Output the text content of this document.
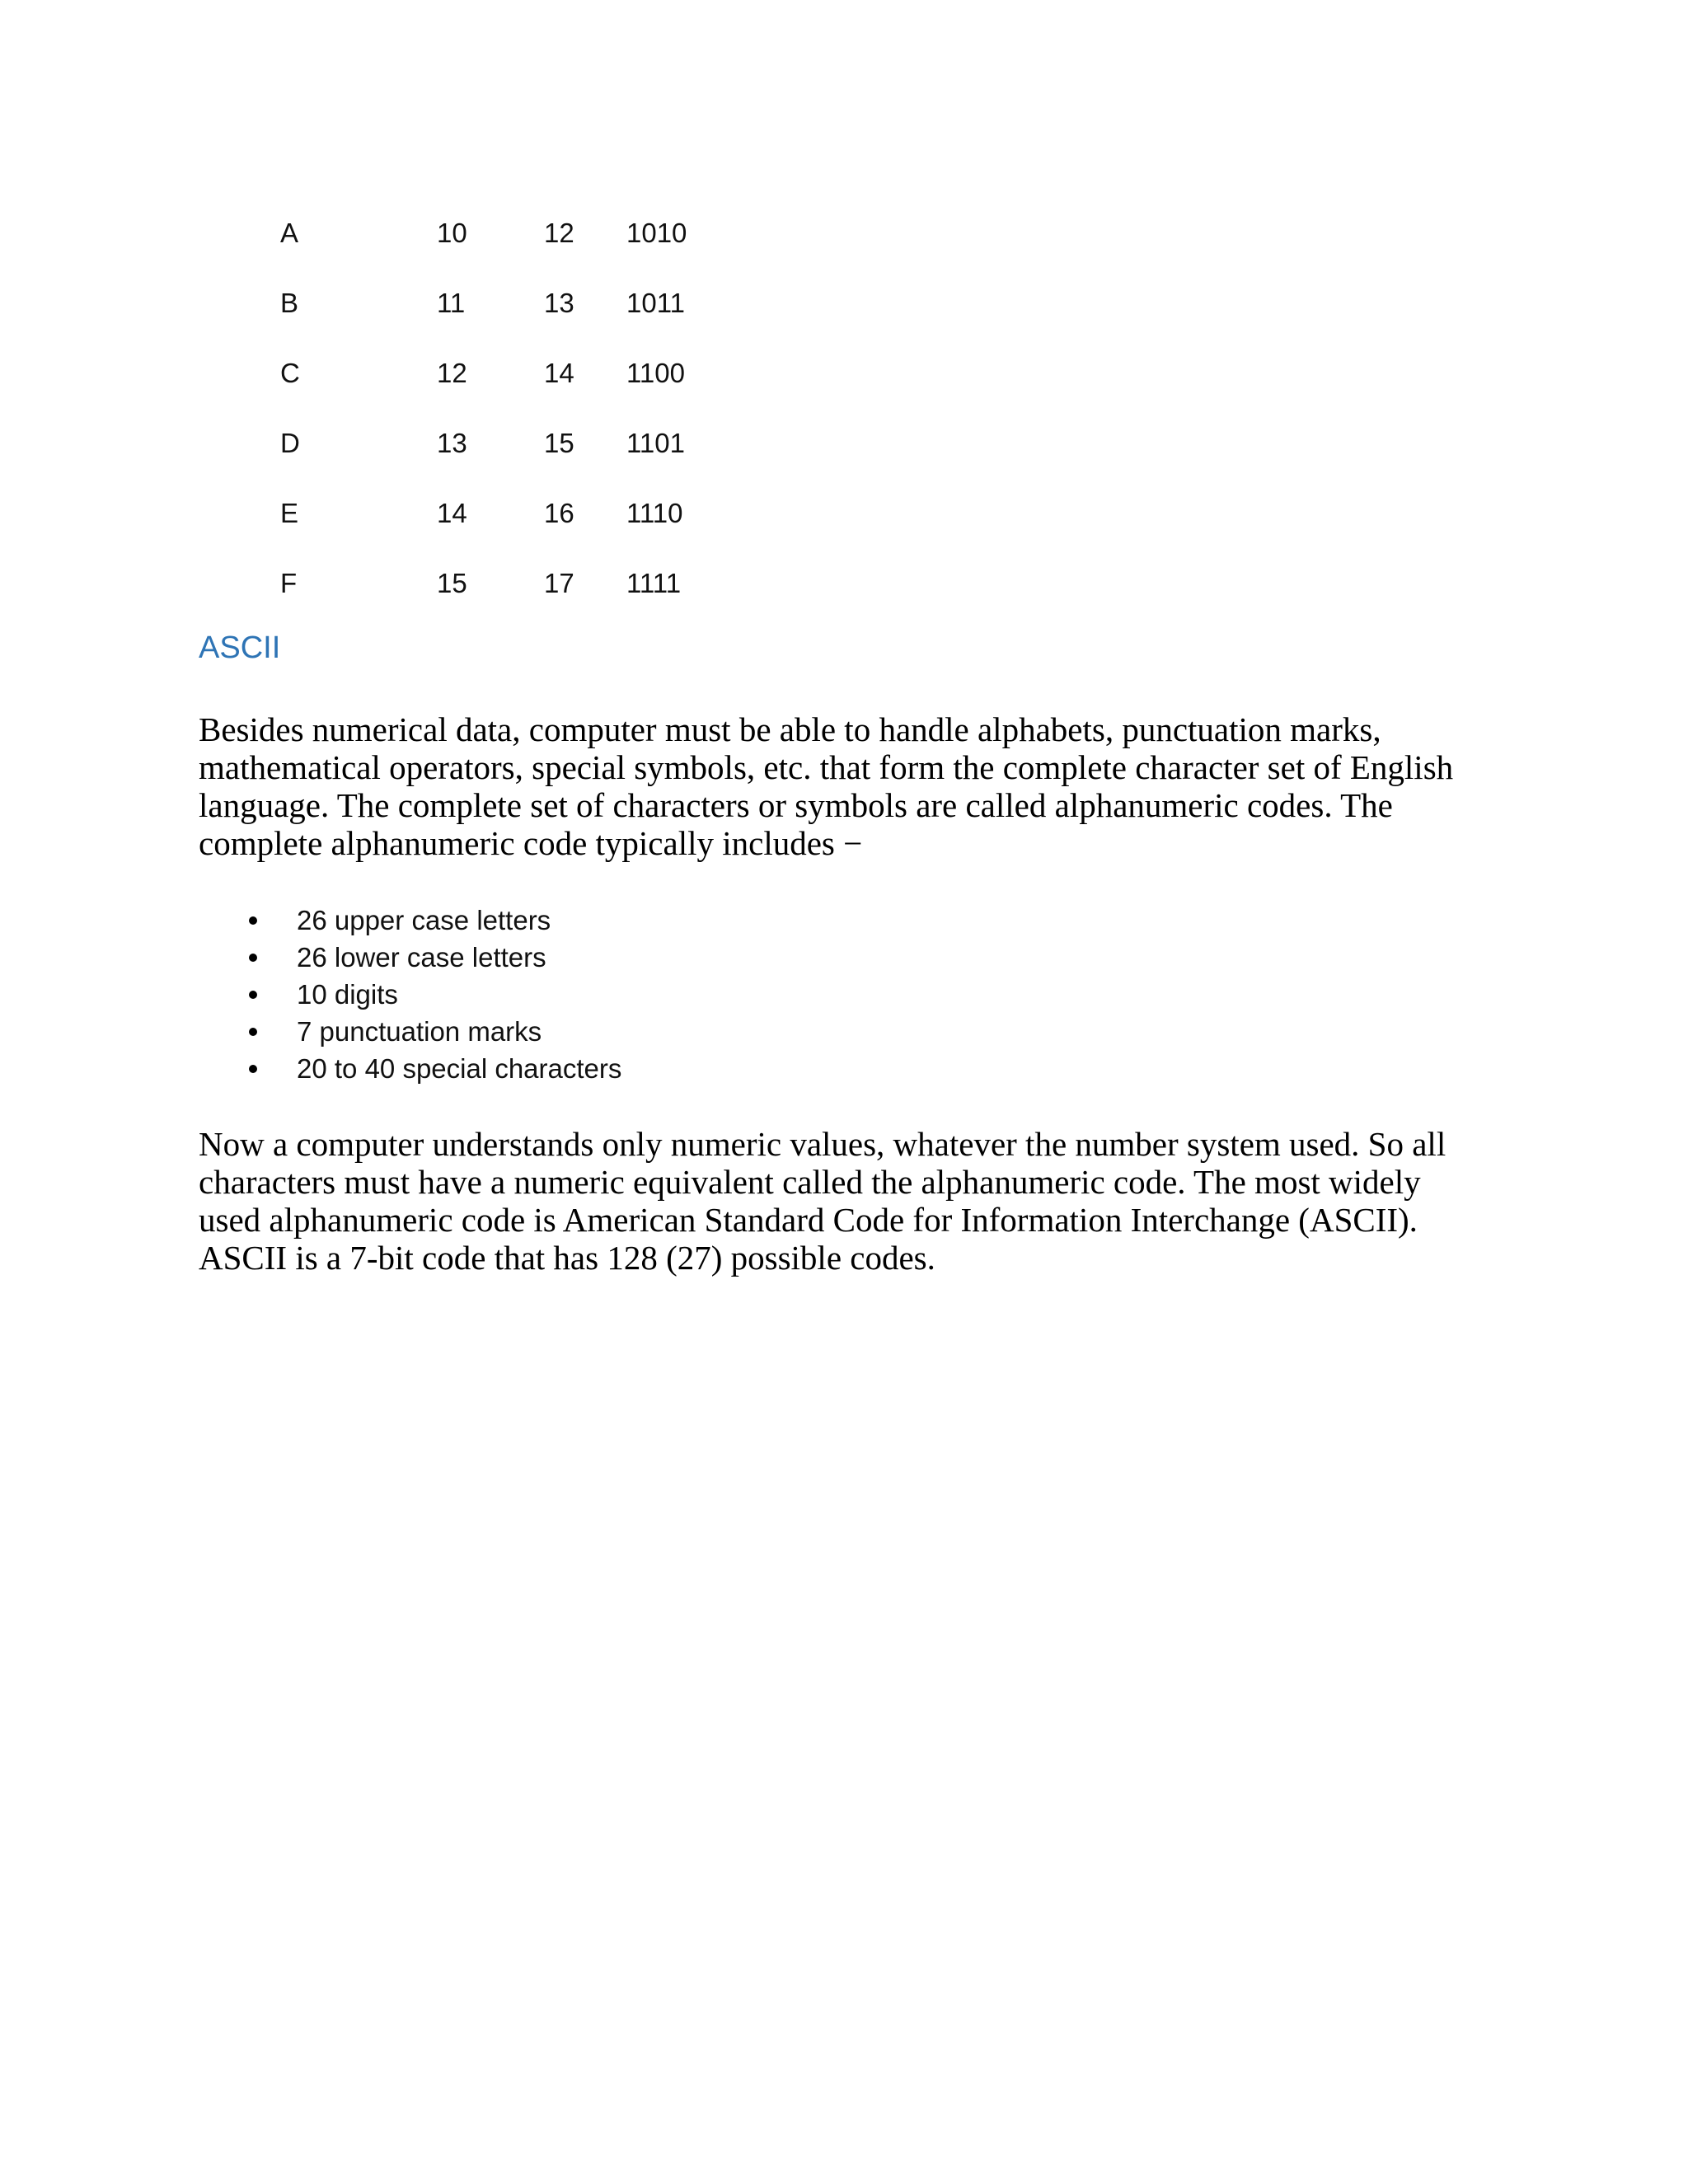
A	10	12	1010
B	11	13	1011
C	12	14	1100
D	13	15	1101
E	14	16	1110
F	15	17	1111
ASCII

Besides numerical data, computer must be able to handle alphabets, punctuation marks, mathematical operators, special symbols, etc. that form the complete character set of English language. The complete set of characters or symbols are called alphanumeric codes. The complete alphanumeric code typically includes −

26 upper case letters
26 lower case letters
10 digits
7 punctuation marks
20 to 40 special characters

Now a computer understands only numeric values, whatever the number system used. So all characters must have a numeric equivalent called the alphanumeric code. The most widely used alphanumeric code is American Standard Code for Information Interchange (ASCII). ASCII is a 7-bit code that has 128 (27) possible codes.
